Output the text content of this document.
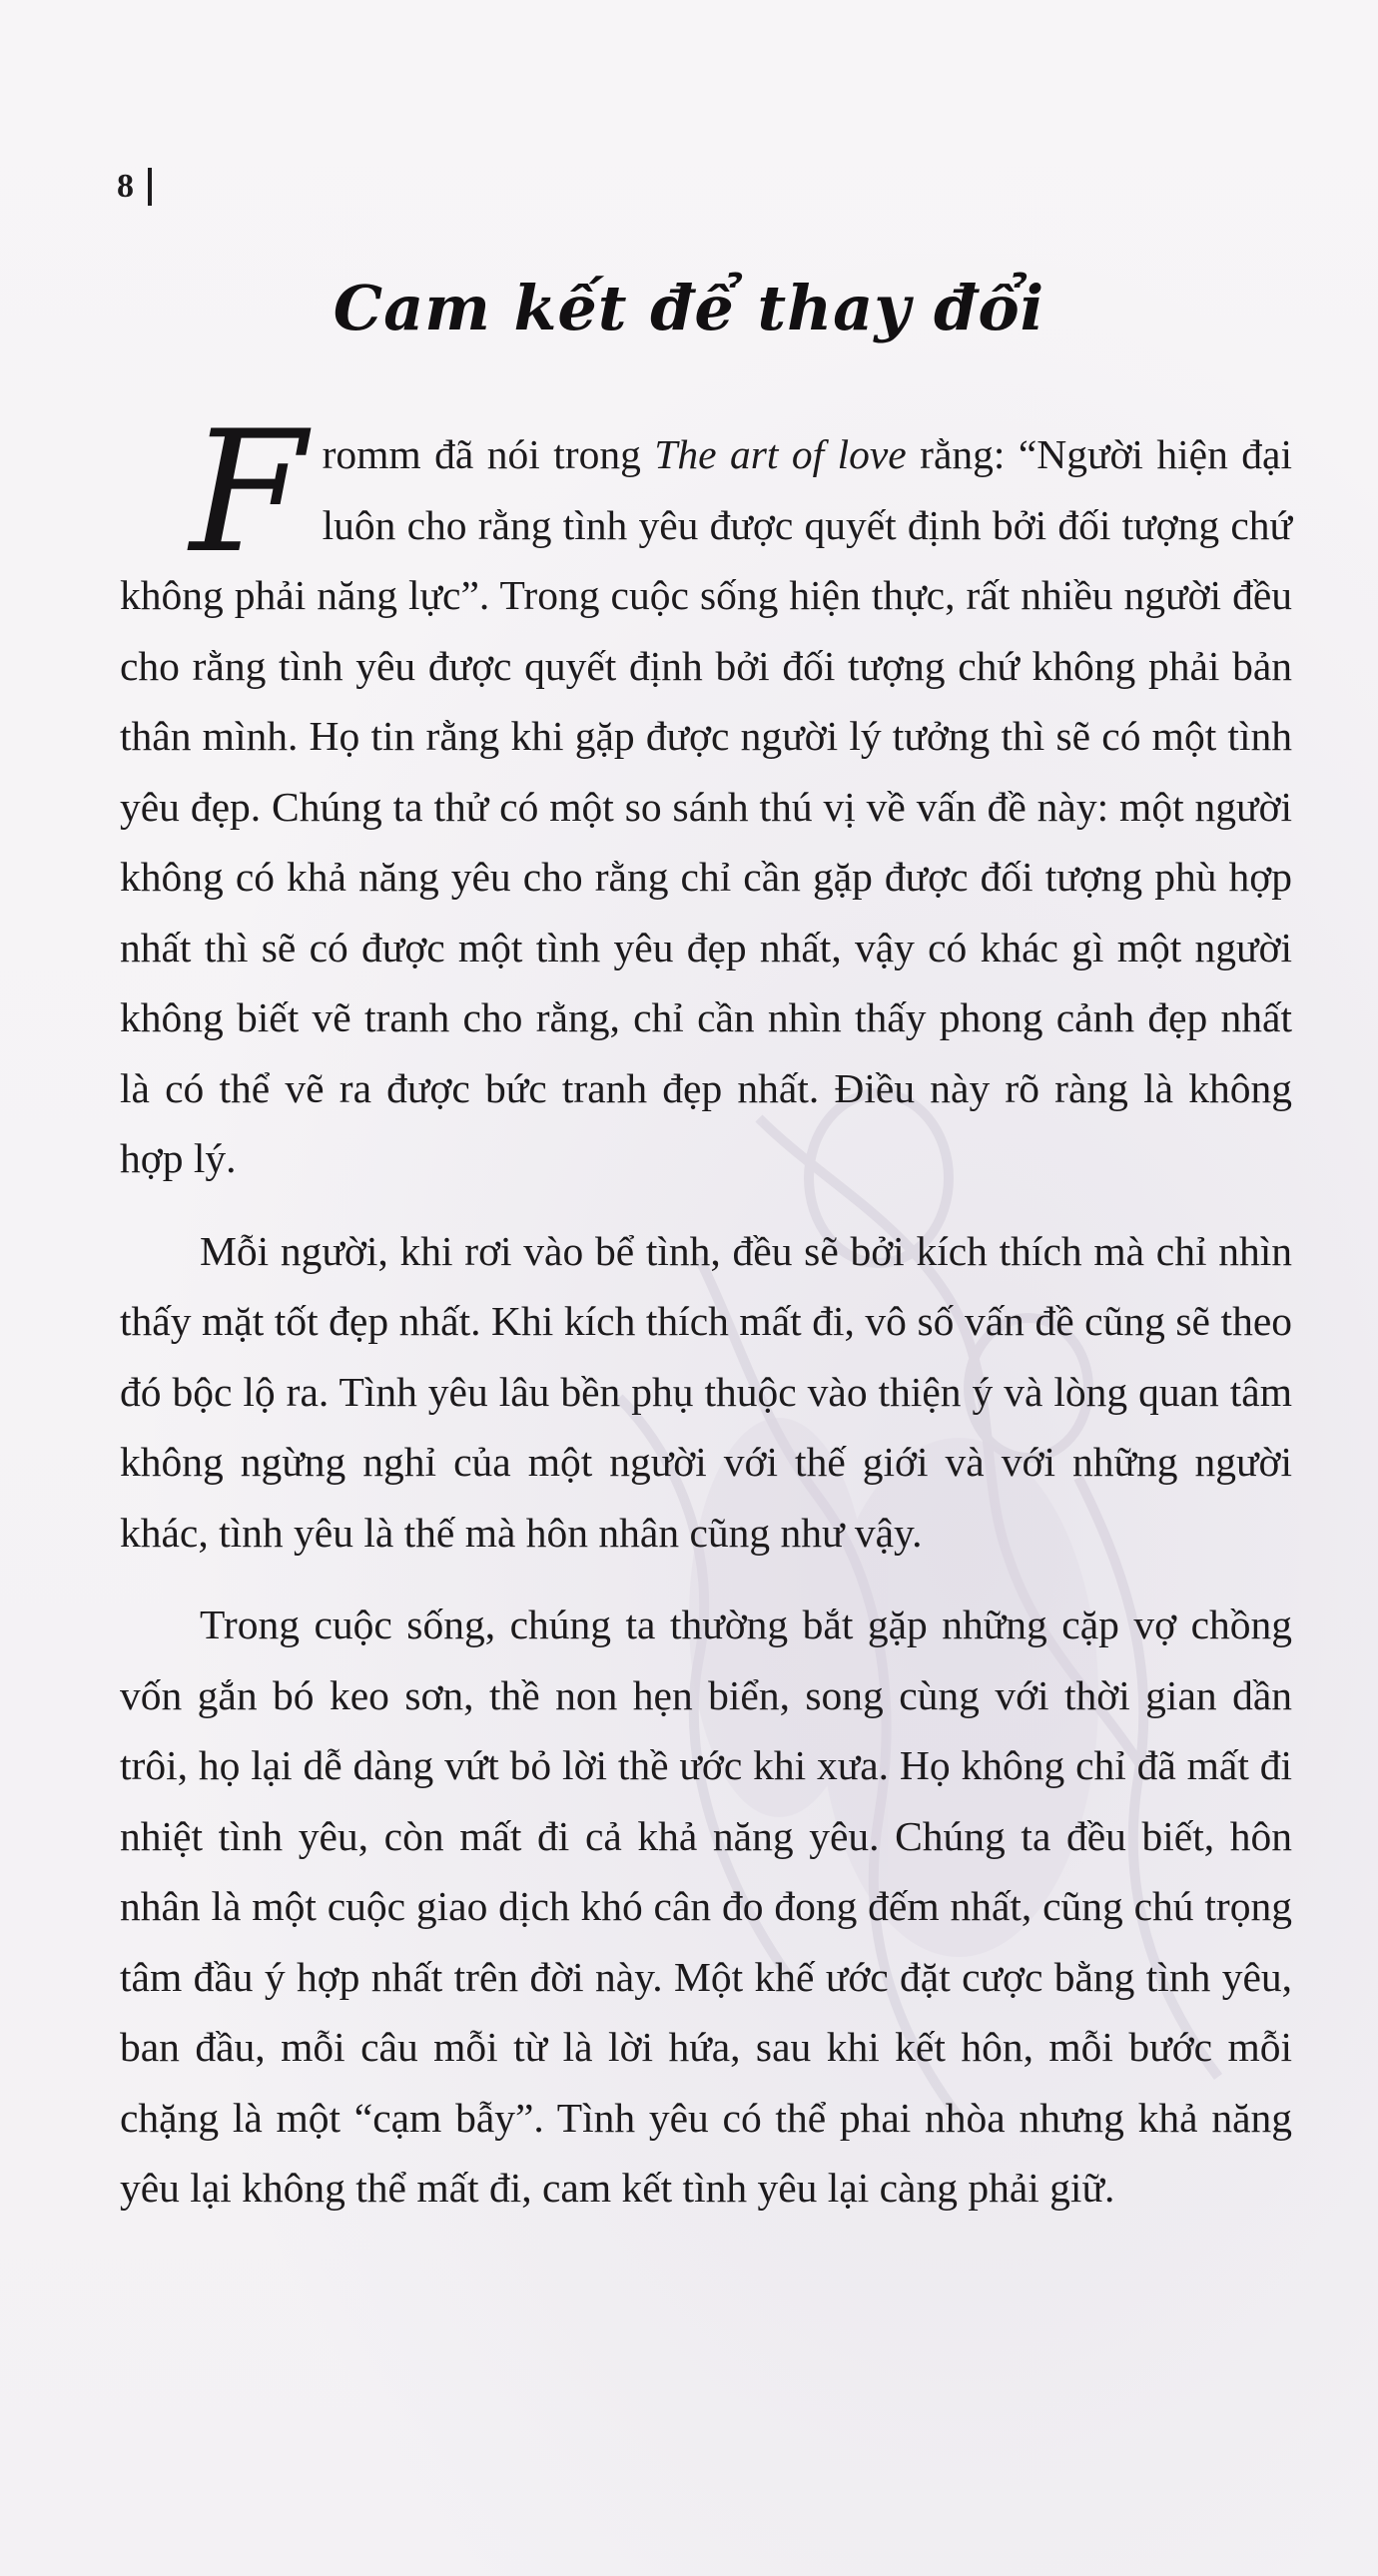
8
Cam kết để thay đổi

Fromm đã nói trong The art of love rằng: “Người hiện đại luôn cho rằng tình yêu được quyết định bởi đối tượng chứ không phải năng lực”. Trong cuộc sống hiện thực, rất nhiều người đều cho rằng tình yêu được quyết định bởi đối tượng chứ không phải bản thân mình. Họ tin rằng khi gặp được người lý tưởng thì sẽ có một tình yêu đẹp. Chúng ta thử có một so sánh thú vị về vấn đề này: một người không có khả năng yêu cho rằng chỉ cần gặp được đối tượng phù hợp nhất thì sẽ có được một tình yêu đẹp nhất, vậy có khác gì một người không biết vẽ tranh cho rằng, chỉ cần nhìn thấy phong cảnh đẹp nhất là có thể vẽ ra được bức tranh đẹp nhất. Điều này rõ ràng là không hợp lý.

Mỗi người, khi rơi vào bể tình, đều sẽ bởi kích thích mà chỉ nhìn thấy mặt tốt đẹp nhất. Khi kích thích mất đi, vô số vấn đề cũng sẽ theo đó bộc lộ ra. Tình yêu lâu bền phụ thuộc vào thiện ý và lòng quan tâm không ngừng nghỉ của một người với thế giới và với những người khác, tình yêu là thế mà hôn nhân cũng như vậy.

Trong cuộc sống, chúng ta thường bắt gặp những cặp vợ chồng vốn gắn bó keo sơn, thề non hẹn biển, song cùng với thời gian dần trôi, họ lại dễ dàng vứt bỏ lời thề ước khi xưa. Họ không chỉ đã mất đi nhiệt tình yêu, còn mất đi cả khả năng yêu. Chúng ta đều biết, hôn nhân là một cuộc giao dịch khó cân đo đong đếm nhất, cũng chú trọng tâm đầu ý hợp nhất trên đời này. Một khế ước đặt cược bằng tình yêu, ban đầu, mỗi câu mỗi từ là lời hứa, sau khi kết hôn, mỗi bước mỗi chặng là một “cạm bẫy”. Tình yêu có thể phai nhòa nhưng khả năng yêu lại không thể mất đi, cam kết tình yêu lại càng phải giữ.
